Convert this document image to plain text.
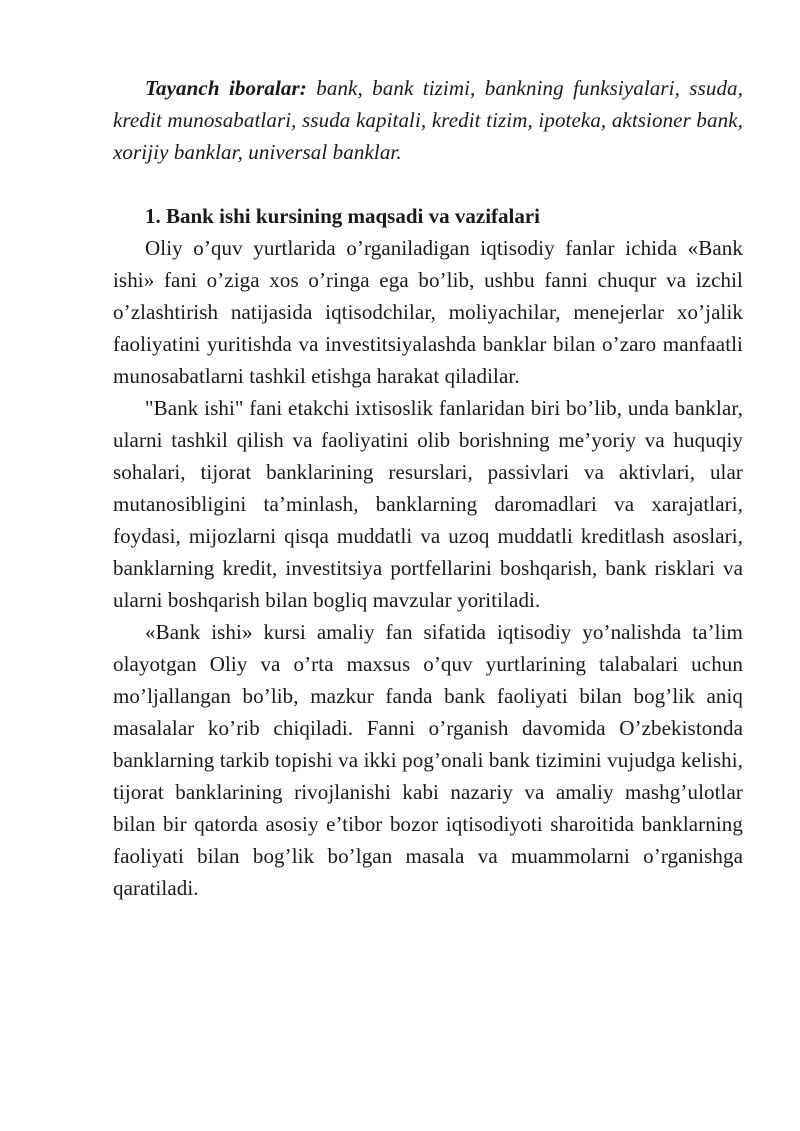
Tayanch iboralar: bank, bank tizimi, bankning funksiyalari, ssuda, kredit munosabatlari, ssuda kapitali, kredit tizim, ipoteka, aktsioner bank, xorijiy banklar, universal banklar.

1. Bank ishi kursining maqsadi va vazifalari

Oliy o’quv yurtlarida o’rganiladigan iqtisodiy fanlar ichida «Bank ishi» fani o’ziga xos o’ringa ega bo’lib, ushbu fanni chuqur va izchil o’zlashtirish natijasida iqtisodchilar, moliyachilar, menejerlar xo’jalik faoliyatini yuritishda va investitsiyalashda banklar bilan o’zaro manfaatli munosabatlarni tashkil etishga harakat qiladilar.

"Bank ishi" fani etakchi ixtisoslik fanlaridan biri bo’lib, unda banklar, ularni tashkil qilish va faoliyatini olib borishning me’yoriy va huquqiy sohalari, tijorat banklarining resurslari, passivlari va aktivlari, ular mutanosibligini ta’minlash, banklarning daromadlari va xarajatlari, foydasi, mijozlarni qisqa muddatli va uzoq muddatli kreditlash asoslari, banklarning kredit, investitsiya portfellarini boshqarish, bank risklari va ularni boshqarish bilan bogliq mavzular yoritiladi.

«Bank ishi» kursi amaliy fan sifatida iqtisodiy yo’nalishda ta’lim olayotgan Oliy va o’rta maxsus o’quv yurtlarining talabalari uchun mo’ljallangan bo’lib, mazkur fanda bank faoliyati bilan bog’lik aniq masalalar ko’rib chiqiladi. Fanni o’rganish davomida O’zbekistonda banklarning tarkib topishi va ikki pog’onali bank tizimini vujudga kelishi, tijorat banklarining rivojlanishi kabi nazariy va amaliy mashg’ulotlar bilan bir qatorda asosiy e’tibor bozor iqtisodiyoti sharoitida banklarning faoliyati bilan bog’lik bo’lgan masala va muammolarni o’rganishga qaratiladi.
